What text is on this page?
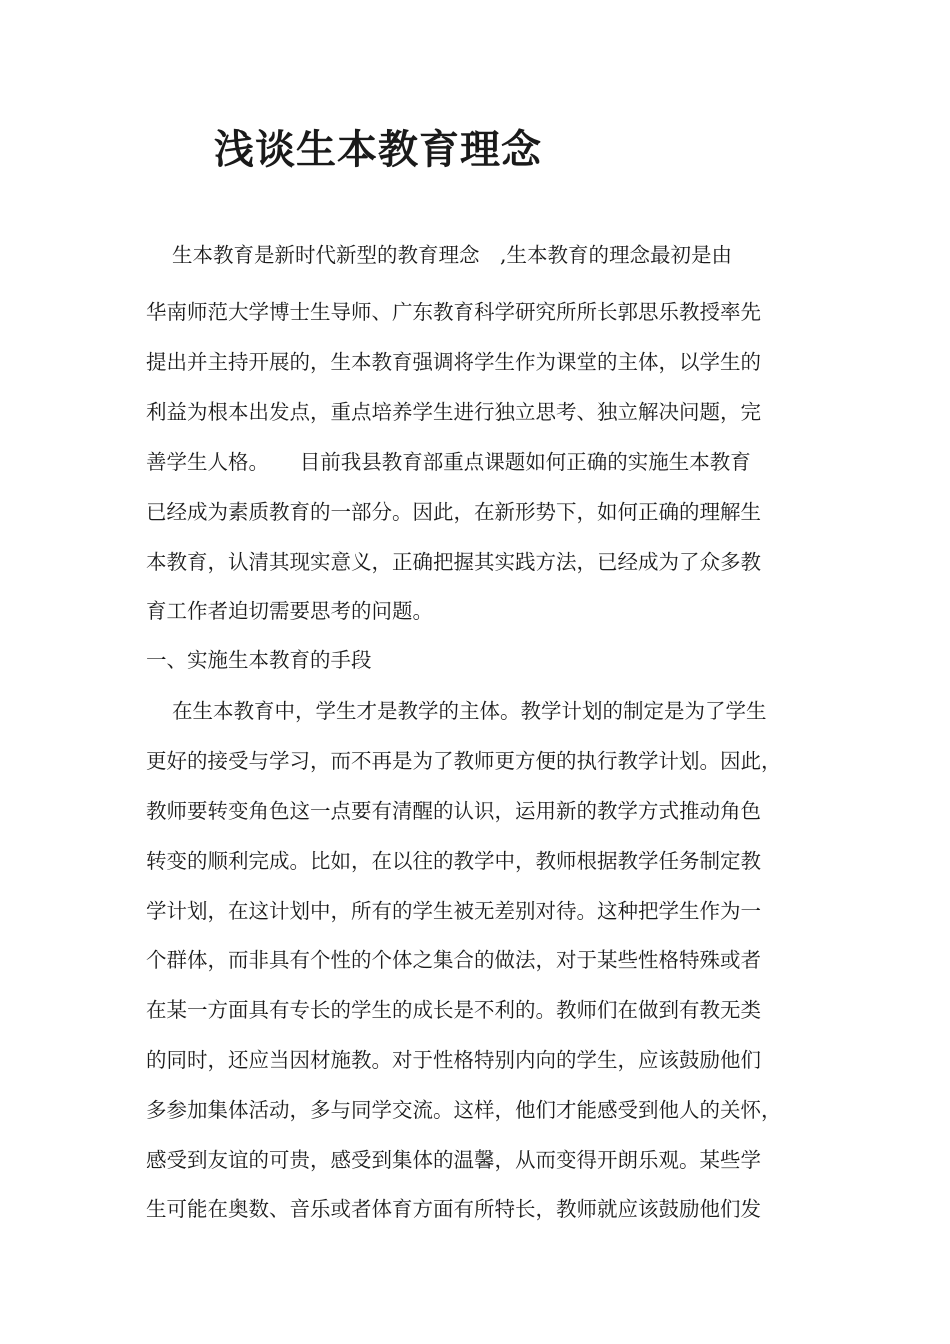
浅谈生本教育理念

生本教育是新时代新型的教育理念　,生本教育的理念最初是由

华南师范大学博士生导师、广东教育科学研究所所长郭思乐教授率先

提出并主持开展的，生本教育强调将学生作为课堂的主体，以学生的

利益为根本出发点，重点培养学生进行独立思考、独立解决问题，完

善学生人格。　　目前我县教育部重点课题如何正确的实施生本教育

已经成为素质教育的一部分。因此，在新形势下，如何正确的理解生

本教育，认清其现实意义，正确把握其实践方法，已经成为了众多教

育工作者迫切需要思考的问题。

一、实施生本教育的手段

在生本教育中，学生才是教学的主体。教学计划的制定是为了学生

更好的接受与学习，而不再是为了教师更方便的执行教学计划。因此，

教师要转变角色这一点要有清醒的认识，运用新的教学方式推动角色

转变的顺利完成。比如，在以往的教学中，教师根据教学任务制定教

学计划，在这计划中，所有的学生被无差别对待。这种把学生作为一

个群体，而非具有个性的个体之集合的做法，对于某些性格特殊或者

在某一方面具有专长的学生的成长是不利的。教师们在做到有教无类

的同时，还应当因材施教。对于性格特别内向的学生，应该鼓励他们

多参加集体活动，多与同学交流。这样，他们才能感受到他人的关怀，

感受到友谊的可贵，感受到集体的温馨，从而变得开朗乐观。某些学

生可能在奥数、音乐或者体育方面有所特长，教师就应该鼓励他们发
